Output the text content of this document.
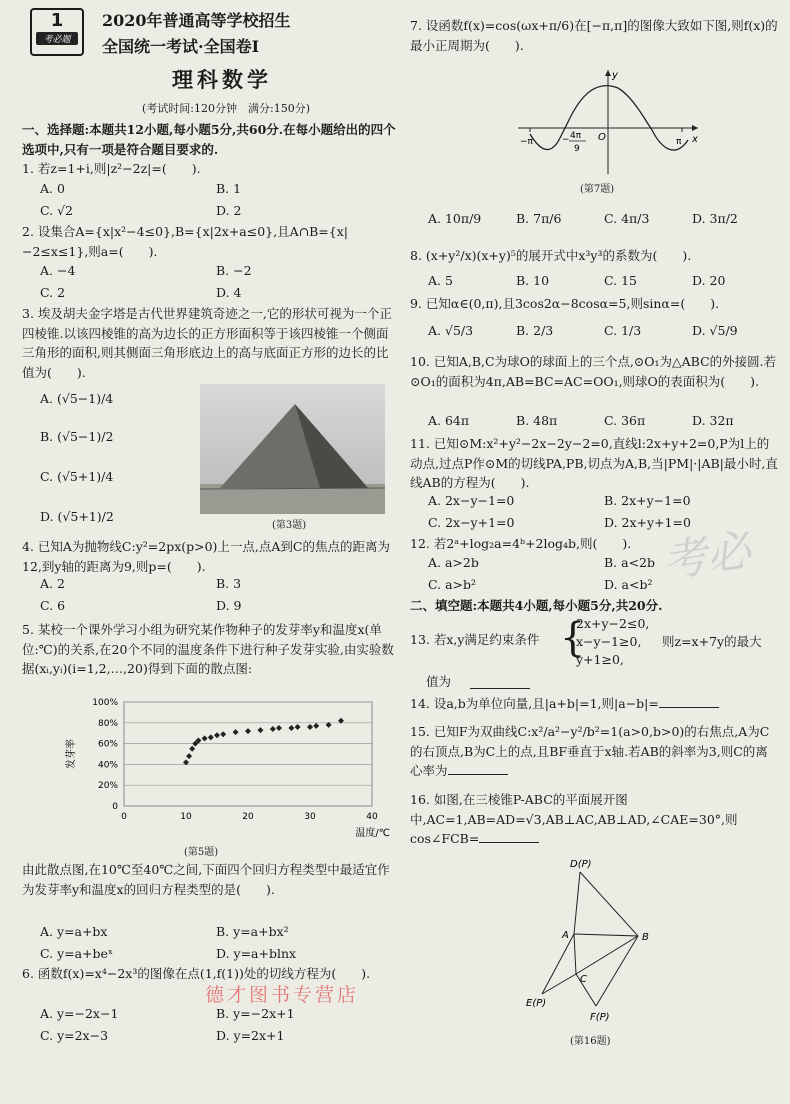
1
考必题
2020年普通高等学校招生
全国统一考试·全国卷Ⅰ
理科数学
(考试时间:120分钟　满分:150分)
一、选择题:本题共12小题,每小题5分,共60分.在每小题给出的四个选项中,只有一项是符合题目要求的.
1. 若z=1+i,则|z²−2z|=(　　).
A. 0	B. 1
C. √2	D. 2
2. 设集合A={x|x²−4≤0},B={x|2x+a≤0},且A∩B={x|−2≤x≤1},则a=(　　).
A. −4	B. −2
C. 2	D. 4
3. 埃及胡夫金字塔是古代世界建筑奇迹之一,它的形状可视为一个正四棱锥.以该四棱锥的高为边长的正方形面积等于该四棱锥一个侧面三角形的面积,则其侧面三角形底边上的高与底面正方形的边长的比值为(　　).
A. (√5−1)/4
B. (√5−1)/2
C. (√5+1)/4
D. (√5+1)/2
(第3题)
4. 已知A为抛物线C:y²=2px(p>0)上一点,点A到C的焦点的距离为12,到y轴的距离为9,则p=(　　).
A. 2	B. 3
C. 6	D. 9
5. 某校一个课外学习小组为研究某作物种子的发芽率y和温度x(单位:℃)的关系,在20个不同的温度条件下进行种子发芽实验,由实验数据(xᵢ,yᵢ)(i=1,2,…,20)得到下面的散点图:
0
20%
40%
60%
80%
100%
0	10	20	30	40
温度/℃
发芽率
(第5题)
由此散点图,在10℃至40℃之间,下面四个回归方程类型中最适宜作为发芽率y和温度x的回归方程类型的是(　　).
A. y=a+bx	B. y=a+bx²
C. y=a+beˣ	D. y=a+blnx
6. 函数f(x)=x⁴−2x³的图像在点(1,f(1))处的切线方程为(　　).
A. y=−2x−1	B. y=−2x+1
C. y=2x−3	D. y=2x+1
7. 设函数f(x)=cos(ωx+π/6)在[−π,π]的图像大致如下图,则f(x)的最小正周期为(　　).
y
x
O
−π	π
− 4π
9
(第7题)
A. 10π/9	B. 7π/6	C. 4π/3	D. 3π/2
8. (x+y²/x)(x+y)⁵的展开式中x³y³的系数为(　　).
A. 5	B. 10	C. 15	D. 20
9. 已知α∈(0,π),且3cos2α−8cosα=5,则sinα=(　　).
A. √5/3	B. 2/3	C. 1/3	D. √5/9
10. 已知A,B,C为球O的球面上的三个点,⊙O₁为△ABC的外接圆.若⊙O₁的面积为4π,AB=BC=AC=OO₁,则球O的表面积为(　　).
A. 64π	B. 48π	C. 36π	D. 32π
11. 已知⊙M:x²+y²−2x−2y−2=0,直线l:2x+y+2=0,P为l上的动点,过点P作⊙M的切线PA,PB,切点为A,B,当|PM|·|AB|最小时,直线AB的方程为(　　).
A. 2x−y−1=0	B. 2x+y−1=0
C. 2x−y+1=0	D. 2x+y+1=0
12. 若2ᵃ+log₂a=4ᵇ+2log₄b,则(　　).
A. a>2b	B. a<2b
C. a>b²	D. a<b²
二、填空题:本题共4小题,每小题5分,共20分.
13. 若x,y满足约束条件 {
2x+y−2≤0,
x−y−1≥0,
y+1≥0,
则z=x+7y的最大
值为
14. 设a,b为单位向量,且|a+b|=1,则|a−b|=
15. 已知F为双曲线C:x²/a²−y²/b²=1(a>0,b>0)的右焦点,A为C的右顶点,B为C上的点,且BF垂直于x轴.若AB的斜率为3,则C的离心率为
16. 如图,在三棱锥P-ABC的平面展开图中,AC=1,AB=AD=√3,AB⊥AC,AB⊥AD,∠CAE=30°,则cos∠FCB=
D(P)
A	B
C
E(P)
F(P)
(第16题)
德才图书专营店
考必
